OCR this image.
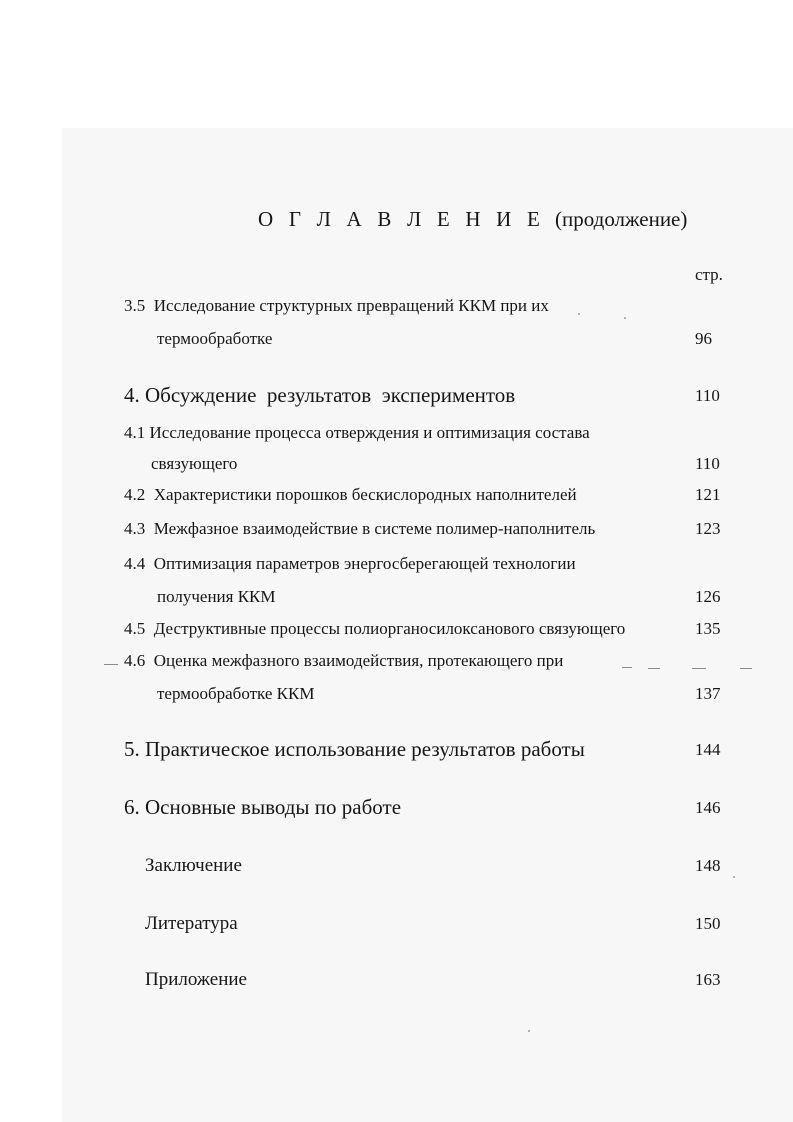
О Г Л А В Л Е Н И Е (продолжение)
стр.
3.5 Исследование структурных превращений ККМ при их
термообработке	96
4. Обсуждение  результатов  экспериментов	110
4.1 Исследование процесса отверждения и оптимизация состава
связующего	110
4.2 Характеристики порошков бескислородных наполнителей	121
4.3 Межфазное взаимодействие в системе полимер-наполнитель	123
4.4 Оптимизация параметров энергосберегающей технологии
получения ККМ	126
4.5 Деструктивные процессы полиорганосилоксанового связующего	135
4.6 Оценка межфазного взаимодействия, протекающего при
термообработке ККМ	137
5. Практическое использование результатов работы	144
6. Основные выводы по работе	146
Заключение	148
Литература	150
Приложение	163
